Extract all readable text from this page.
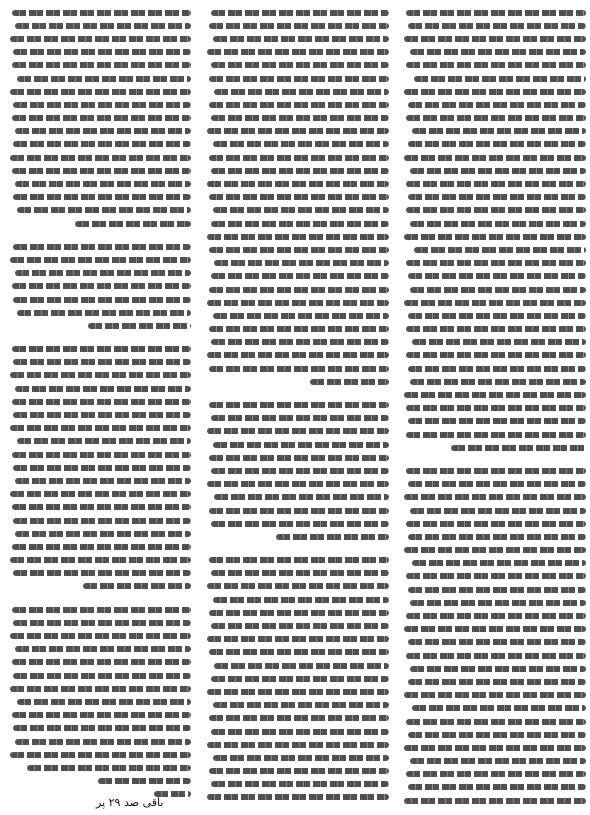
باقی صد ۲۹ پر
